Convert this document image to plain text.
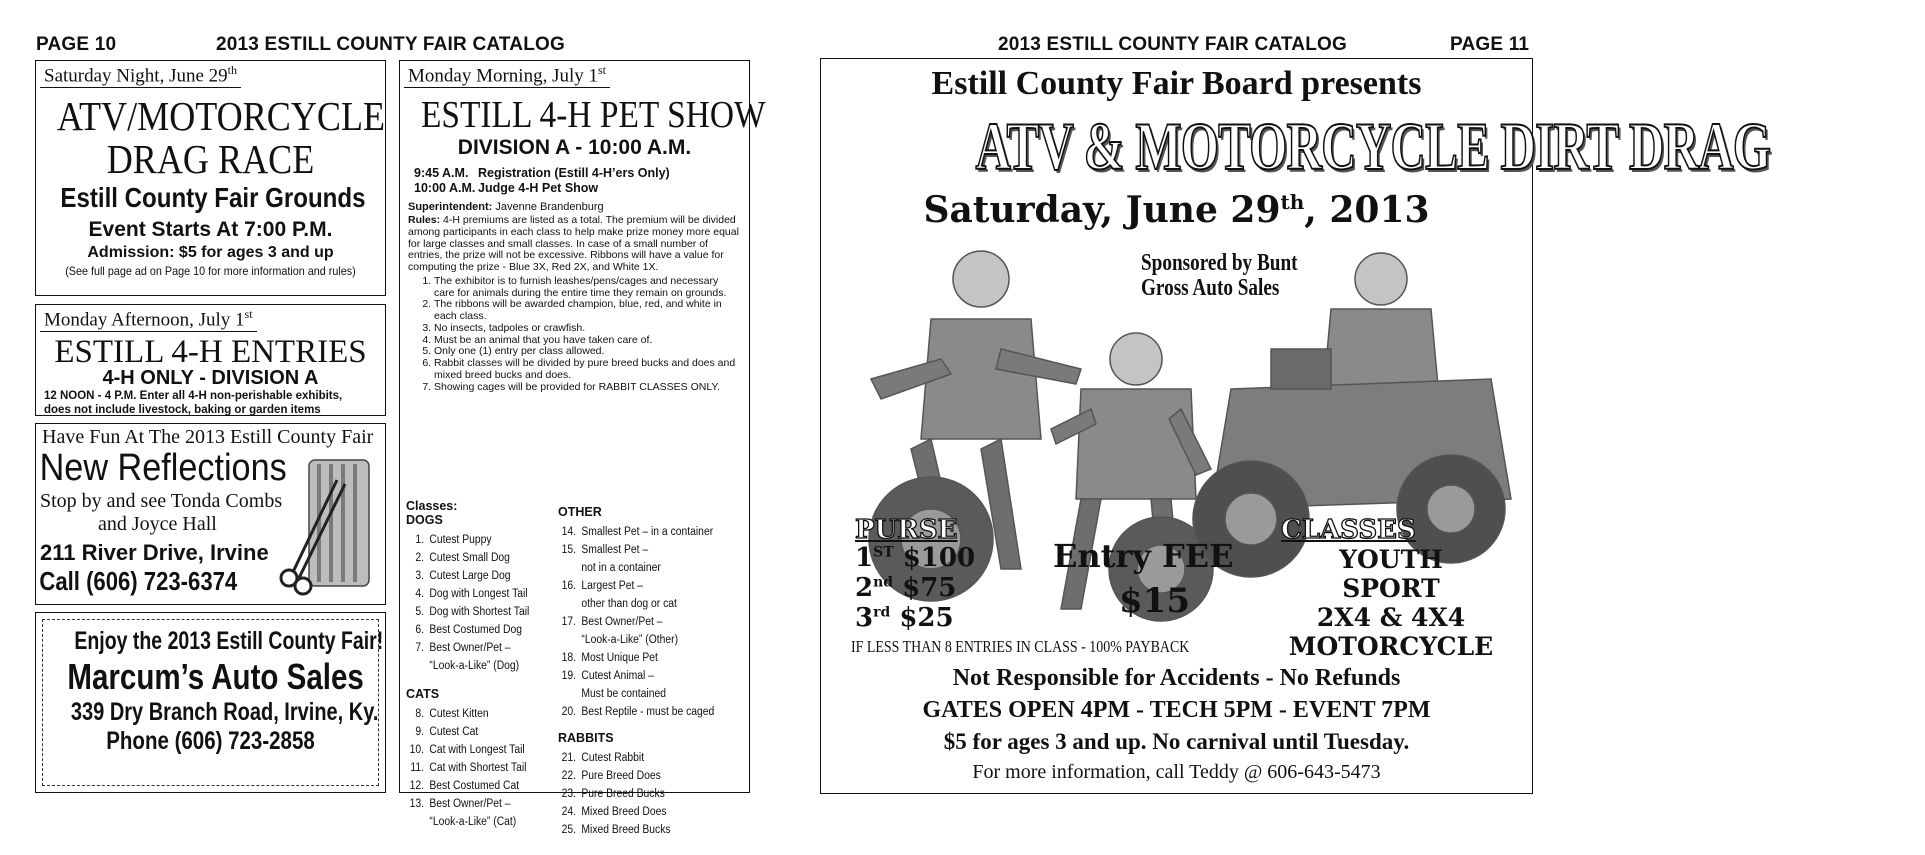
PAGE 10	2013 ESTILL COUNTY FAIR CATALOG	2013 ESTILL COUNTY FAIR CATALOG	PAGE 11
Saturday Night, June 29th
ATV/MOTORCYCLE
DRAG RACE
Estill County Fair Grounds
Event Starts At 7:00 P.M.
Admission: $5 for ages 3 and up
(See full page ad on Page 10 for more information and rules)
Monday Afternoon, July 1st
ESTILL 4-H ENTRIES
4-H ONLY - DIVISION A
12 NOON - 4 P.M. Enter all 4-H non-perishable exhibits,
does not include livestock, baking or garden items
Have Fun At The 2013 Estill County Fair
New Reflections
Stop by and see Tonda Combs
and Joyce Hall
211 River Drive, Irvine
Call (606) 723-6374
Enjoy the 2013 Estill County Fair!
Marcum’s Auto Sales
339 Dry Branch Road, Irvine, Ky.
Phone (606) 723-2858
Monday Morning, July 1st
ESTILL 4-H PET SHOW
DIVISION A - 10:00 A.M.
9:45 A.M. Registration (Estill 4-H’ers Only)
10:00 A.M. Judge 4-H Pet Show
Superintendent: Javenne Brandenburg
Rules: 4-H premiums are listed as a total. The premium will be divided among participants in each class to help make prize money more equal for large classes and small classes. In case of a small number of entries, the prize will not be excessive. Ribbons will have a value for computing the prize - Blue 3X, Red 2X, and White 1X.
1. The exhibitor is to furnish leashes/pens/cages and necessary care for animals during the entire time they remain on grounds.
2. The ribbons will be awarded champion, blue, red, and white in each class.
3. No insects, tadpoles or crawfish.
4. Must be an animal that you have taken care of.
5. Only one (1) entry per class allowed.
6. Rabbit classes will be divided by pure breed bucks and does and mixed breed bucks and does.
7. Showing cages will be provided for RABBIT CLASSES ONLY.
Classes:
DOGS
1. Cutest Puppy
2. Cutest Small Dog
3. Cutest Large Dog
4. Dog with Longest Tail
5. Dog with Shortest Tail
6. Best Costumed Dog
7. Best Owner/Pet –
“Look-a-Like” (Dog)
CATS
8. Cutest Kitten
9. Cutest Cat
10. Cat with Longest Tail
11. Cat with Shortest Tail
12. Best Costumed Cat
13. Best Owner/Pet –
“Look-a-Like” (Cat)
OTHER
14. Smallest Pet – in a container
15. Smallest Pet –
not in a container
16. Largest Pet –
other than dog or cat
17. Best Owner/Pet –
“Look-a-Like” (Other)
18. Most Unique Pet
19. Cutest Animal –
Must be contained
20. Best Reptile - must be caged
RABBITS
21. Cutest Rabbit
22. Pure Breed Does
23. Pure Breed Bucks
24. Mixed Breed Does
25. Mixed Breed Bucks
Estill County Fair Board presents
ATV & MOTORCYCLE DIRT DRAG
Saturday, June 29th, 2013
Sponsored by Bunt
Gross Auto Sales
PURSE
1ST $100
2nd $75
3rd $25
Entry FEE
$15
CLASSES
YOUTH
SPORT
2X4 & 4X4
MOTORCYCLE
IF LESS THAN 8 ENTRIES IN CLASS - 100% PAYBACK
Not Responsible for Accidents - No Refunds
GATES OPEN 4PM - TECH 5PM - EVENT 7PM
$5 for ages 3 and up. No carnival until Tuesday.
For more information, call Teddy @ 606-643-5473
